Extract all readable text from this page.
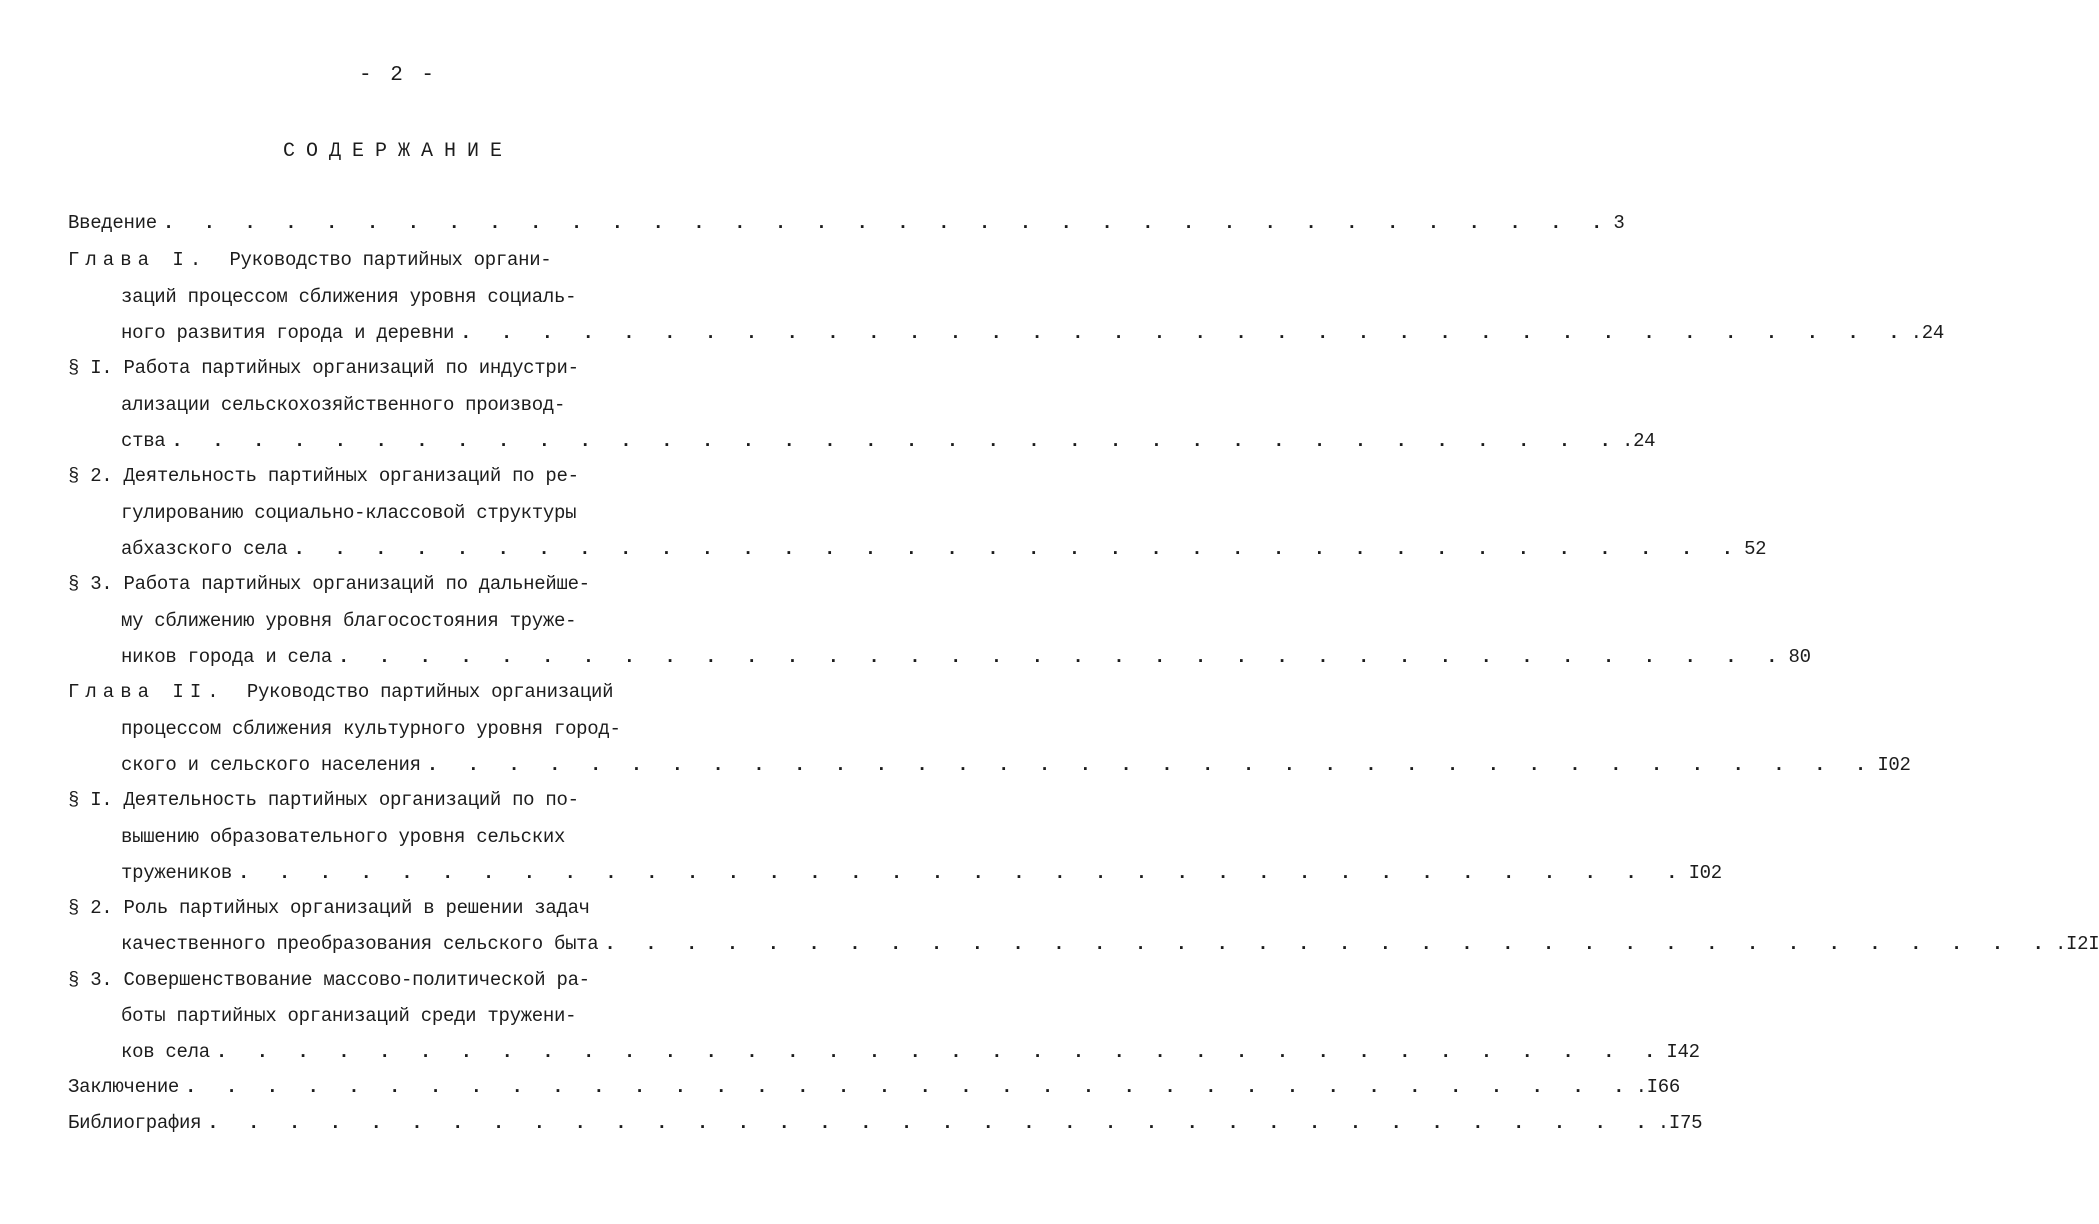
- 2 -
СОДЕРЖАНИЕ
Введение . . . . . . . . . . . . . . . . . . . . . . . . . . . . . . . . . . . . 3
Глава I. Руководство партийных органи-
заций процессом сближения уровня социаль-
ного развития города и деревни . . . . . . . . . . . . . . . . . . . . . . . . . . . . . . . . . . . . .24
§ I. Работа партийных организаций по индустри-
ализации сельскохозяйственного производ-
ства . . . . . . . . . . . . . . . . . . . . . . . . . . . . . . . . . . . . .24
§ 2. Деятельность партийных организаций по ре-
гулированию социально-классовой структуры
абхазского села . . . . . . . . . . . . . . . . . . . . . . . . . . . . . . . . . . . . 52
§ 3. Работа партийных организаций по дальнейше-
му сближению уровня благосостояния труже-
ников города и села . . . . . . . . . . . . . . . . . . . . . . . . . . . . . . . . . . . . 80
Глава II. Руководство партийных организаций
процессом сближения культурного уровня город-
ского и сельского населения . . . . . . . . . . . . . . . . . . . . . . . . . . . . . . . . . . . . I02
§ I. Деятельность партийных организаций по по-
вышению образовательного уровня сельских
тружеников . . . . . . . . . . . . . . . . . . . . . . . . . . . . . . . . . . . . I02
§ 2. Роль партийных организаций в решении задач
качественного преобразования сельского быта . . . . . . . . . . . . . . . . . . . . . . . . . . . . . . . . . . . . .I2I
§ 3. Совершенствование массово-политической ра-
боты партийных организаций среди тружени-
ков села . . . . . . . . . . . . . . . . . . . . . . . . . . . . . . . . . . . . I42
Заключение . . . . . . . . . . . . . . . . . . . . . . . . . . . . . . . . . . . . .I66
Библиография . . . . . . . . . . . . . . . . . . . . . . . . . . . . . . . . . . . . .I75
